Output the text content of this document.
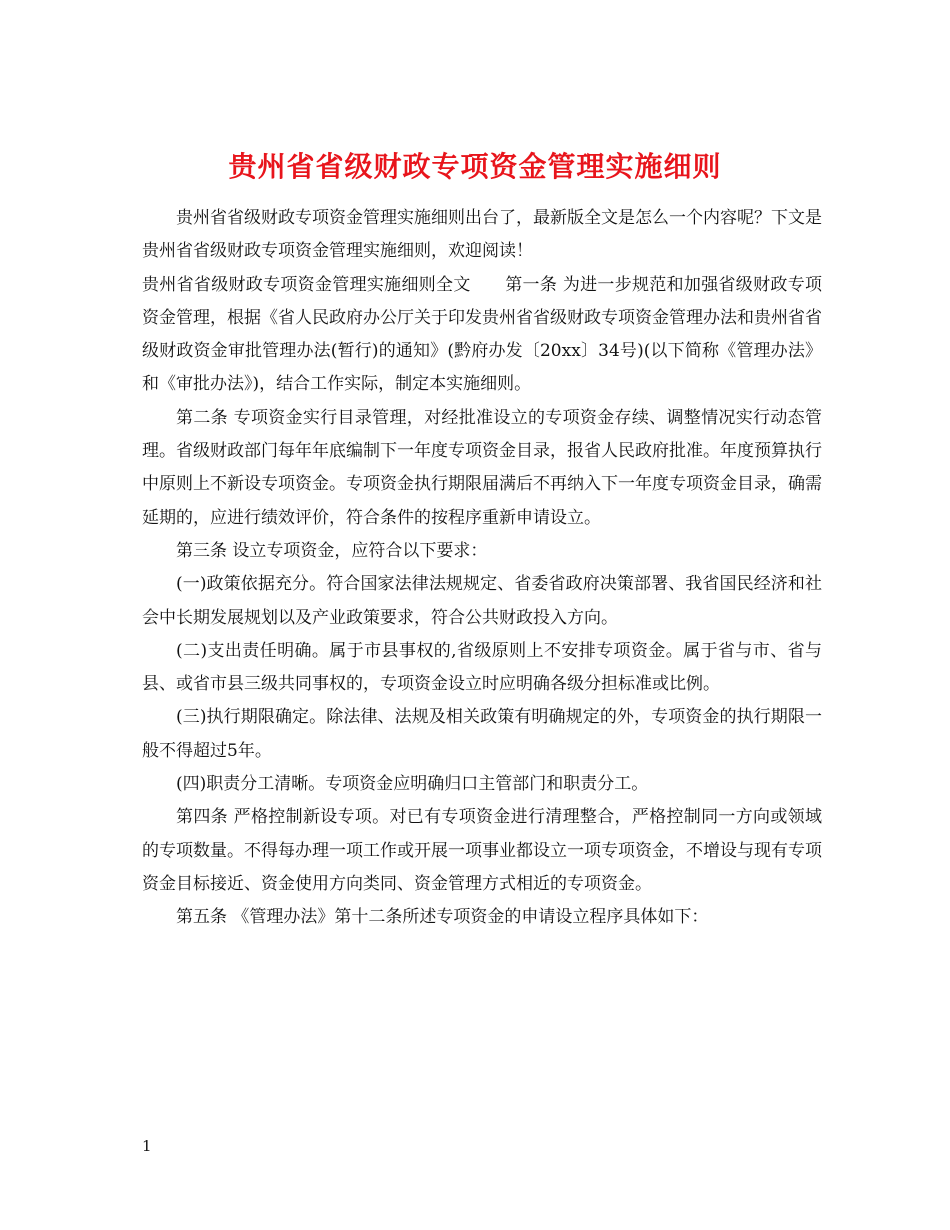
贵州省省级财政专项资金管理实施细则

贵州省省级财政专项资金管理实施细则出台了，最新版全文是怎么一个内容呢？下文是贵州省省级财政专项资金管理实施细则，欢迎阅读！

贵州省省级财政专项资金管理实施细则全文　　第一条 为进一步规范和加强省级财政专项资金管理，根据《省人民政府办公厅关于印发贵州省省级财政专项资金管理办法和贵州省省级财政资金审批管理办法(暂行)的通知》(黔府办发〔20xx〕34号)(以下简称《管理办法》和《审批办法》)，结合工作实际，制定本实施细则。

第二条 专项资金实行目录管理，对经批准设立的专项资金存续、调整情况实行动态管理。省级财政部门每年年底编制下一年度专项资金目录，报省人民政府批准。年度预算执行中原则上不新设专项资金。专项资金执行期限届满后不再纳入下一年度专项资金目录，确需延期的，应进行绩效评价，符合条件的按程序重新申请设立。

第三条 设立专项资金，应符合以下要求：

(一)政策依据充分。符合国家法律法规规定、省委省政府决策部署、我省国民经济和社会中长期发展规划以及产业政策要求，符合公共财政投入方向。

(二)支出责任明确。属于市县事权的,省级原则上不安排专项资金。属于省与市、省与县、或省市县三级共同事权的，专项资金设立时应明确各级分担标准或比例。

(三)执行期限确定。除法律、法规及相关政策有明确规定的外，专项资金的执行期限一般不得超过5年。

(四)职责分工清晰。专项资金应明确归口主管部门和职责分工。

第四条 严格控制新设专项。对已有专项资金进行清理整合，严格控制同一方向或领域的专项数量。不得每办理一项工作或开展一项事业都设立一项专项资金，不增设与现有专项资金目标接近、资金使用方向类同、资金管理方式相近的专项资金。

第五条 《管理办法》第十二条所述专项资金的申请设立程序具体如下：

1
